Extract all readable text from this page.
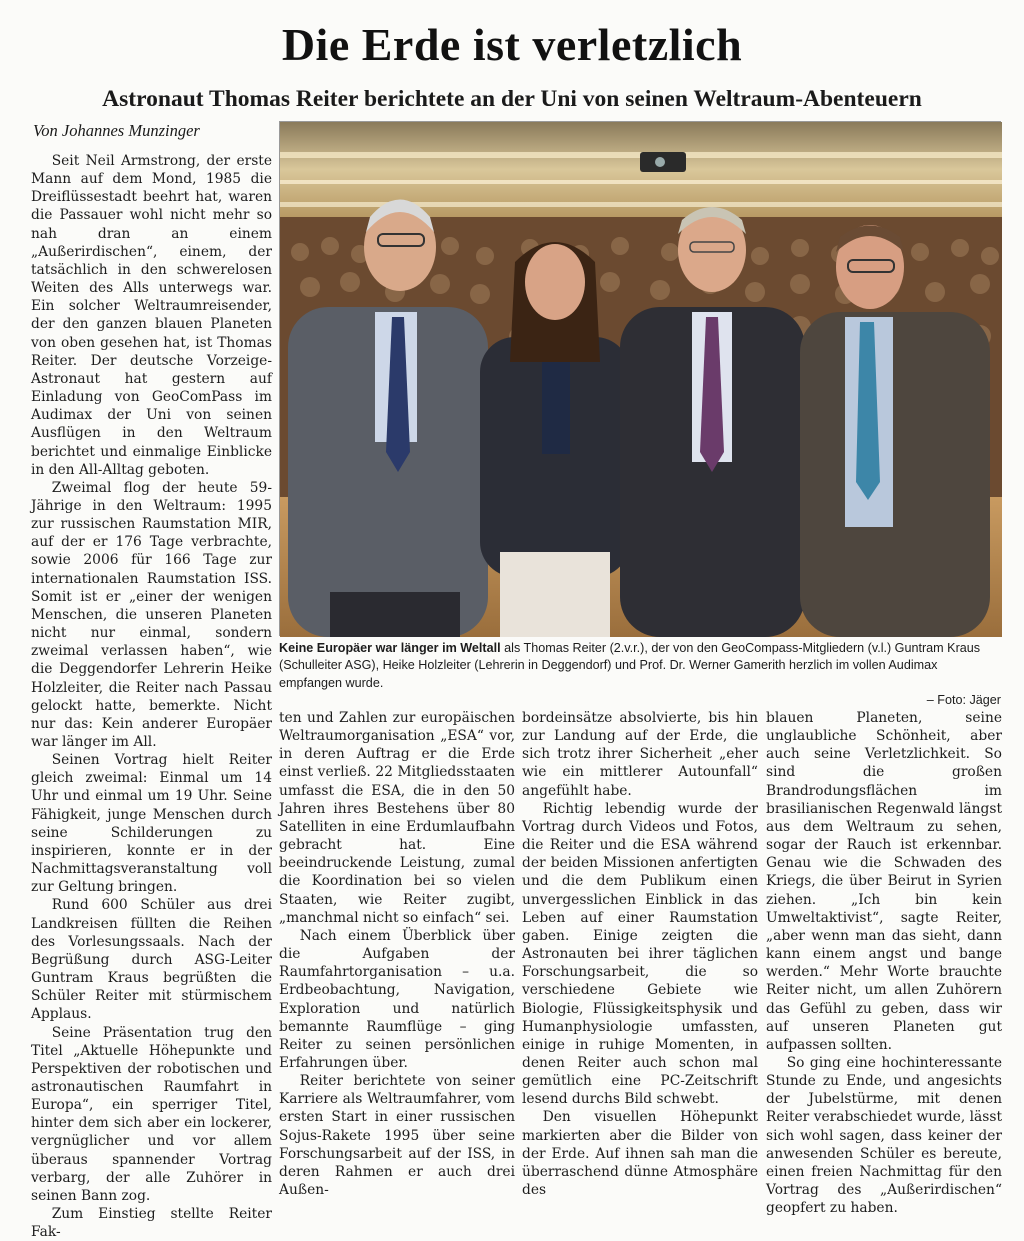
Die Erde ist verletzlich
Astronaut Thomas Reiter berichtete an der Uni von seinen Weltraum-Abenteuern
Von Johannes Munzinger

Seit Neil Armstrong, der erste Mann auf dem Mond, 1985 die Dreiflüssestadt beehrt hat, waren die Passauer wohl nicht mehr so nah dran an einem „Außerirdischen“, einem, der tatsächlich in den schwerelosen Weiten des Alls unterwegs war. Ein solcher Weltraumreisender, der den ganzen blauen Planeten von oben gesehen hat, ist Thomas Reiter. Der deutsche Vorzeige-Astronaut hat gestern auf Einladung von GeoComPass im Audimax der Uni von seinen Ausflügen in den Weltraum berichtet und einmalige Einblicke in den All-Alltag geboten.

Zweimal flog der heute 59-Jährige in den Weltraum: 1995 zur russischen Raumstation MIR, auf der er 176 Tage verbrachte, sowie 2006 für 166 Tage zur internationalen Raumstation ISS. Somit ist er „einer der wenigen Menschen, die unseren Planeten nicht nur einmal, sondern zweimal verlassen haben“, wie die Deggendorfer Lehrerin Heike Holzleiter, die Reiter nach Passau gelockt hatte, bemerkte. Nicht nur das: Kein anderer Europäer war länger im All.

Seinen Vortrag hielt Reiter gleich zweimal: Einmal um 14 Uhr und einmal um 19 Uhr. Seine Fähigkeit, junge Menschen durch seine Schilderungen zu inspirieren, konnte er in der Nachmittagsveranstaltung voll zur Geltung bringen.

Rund 600 Schüler aus drei Landkreisen füllten die Reihen des Vorlesungssaals. Nach der Begrüßung durch ASG-Leiter Guntram Kraus begrüßten die Schüler Reiter mit stürmischem Applaus.

Seine Präsentation trug den Titel „Aktuelle Höhepunkte und Perspektiven der robotischen und astronautischen Raumfahrt in Europa“, ein sperriger Titel, hinter dem sich aber ein lockerer, vergnüglicher und vor allem überaus spannender Vortrag verbarg, der alle Zuhörer in seinen Bann zog.

Zum Einstieg stellte Reiter Fak-

Keine Europäer war länger im Weltall als Thomas Reiter (2.v.r.), der von den GeoCompass-Mitgliedern (v.l.) Guntram Kraus (Schulleiter ASG), Heike Holzleiter (Lehrerin in Deggendorf) und Prof. Dr. Werner Gamerith herzlich im vollen Audimax empfangen wurde.
– Foto: Jäger

ten und Zahlen zur europäischen Weltraumorganisation „ESA“ vor, in deren Auftrag er die Erde einst verließ. 22 Mitgliedsstaaten umfasst die ESA, die in den 50 Jahren ihres Bestehens über 80 Satelliten in eine Erdumlaufbahn gebracht hat. Eine beeindruckende Leistung, zumal die Koordination bei so vielen Staaten, wie Reiter zugibt, „manchmal nicht so einfach“ sei.

Nach einem Überblick über die Aufgaben der Raumfahrtorganisation – u.a. Erdbeobachtung, Navigation, Exploration und natürlich bemannte Raumflüge – ging Reiter zu seinen persönlichen Erfahrungen über.

Reiter berichtete von seiner Karriere als Weltraumfahrer, vom ersten Start in einer russischen Sojus-Rakete 1995 über seine Forschungsarbeit auf der ISS, in deren Rahmen er auch drei Außen-

bordeinsätze absolvierte, bis hin zur Landung auf der Erde, die sich trotz ihrer Sicherheit „eher wie ein mittlerer Autounfall“ angefühlt habe.

Richtig lebendig wurde der Vortrag durch Videos und Fotos, die Reiter und die ESA während der beiden Missionen anfertigten und die dem Publikum einen unvergesslichen Einblick in das Leben auf einer Raumstation gaben. Einige zeigten die Astronauten bei ihrer täglichen Forschungsarbeit, die so verschiedene Gebiete wie Biologie, Flüssigkeitsphysik und Humanphysiologie umfassten, einige in ruhige Momenten, in denen Reiter auch schon mal gemütlich eine PC-Zeitschrift lesend durchs Bild schwebt.

Den visuellen Höhepunkt markierten aber die Bilder von der Erde. Auf ihnen sah man die überraschend dünne Atmosphäre des

blauen Planeten, seine unglaubliche Schönheit, aber auch seine Verletzlichkeit. So sind die großen Brandrodungsflächen im brasilianischen Regenwald längst aus dem Weltraum zu sehen, sogar der Rauch ist erkennbar. Genau wie die Schwaden des Kriegs, die über Beirut in Syrien ziehen. „Ich bin kein Umweltaktivist“, sagte Reiter, „aber wenn man das sieht, dann kann einem angst und bange werden.“ Mehr Worte brauchte Reiter nicht, um allen Zuhörern das Gefühl zu geben, dass wir auf unseren Planeten gut aufpassen sollten.

So ging eine hochinteressante Stunde zu Ende, und angesichts der Jubelstürme, mit denen Reiter verabschiedet wurde, lässt sich wohl sagen, dass keiner der anwesenden Schüler es bereute, einen freien Nachmittag für den Vortrag des „Außerirdischen“ geopfert zu haben.
